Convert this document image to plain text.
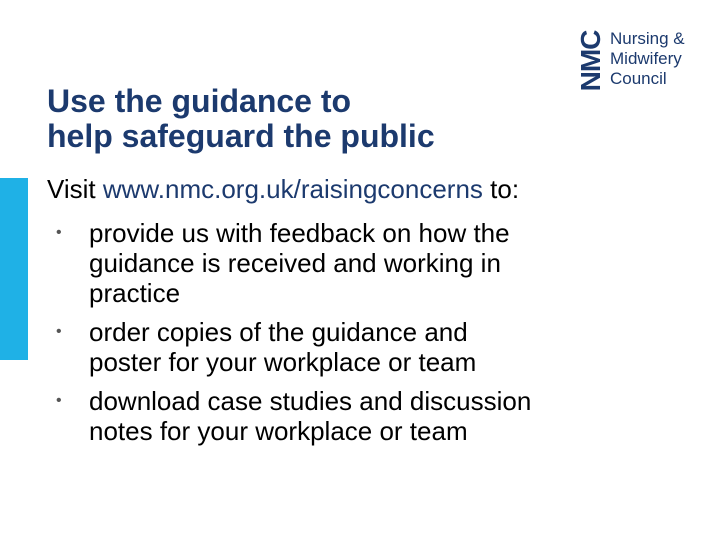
NMC Nursing &
Midwifery
Council
Use the guidance to
help safeguard the public
Visit www.nmc.org.uk/raisingconcerns to:
• provide us with feedback on how the
guidance is received and working in
practice
• order copies of the guidance and
poster for your workplace or team
• download case studies and discussion
notes for your workplace or team
